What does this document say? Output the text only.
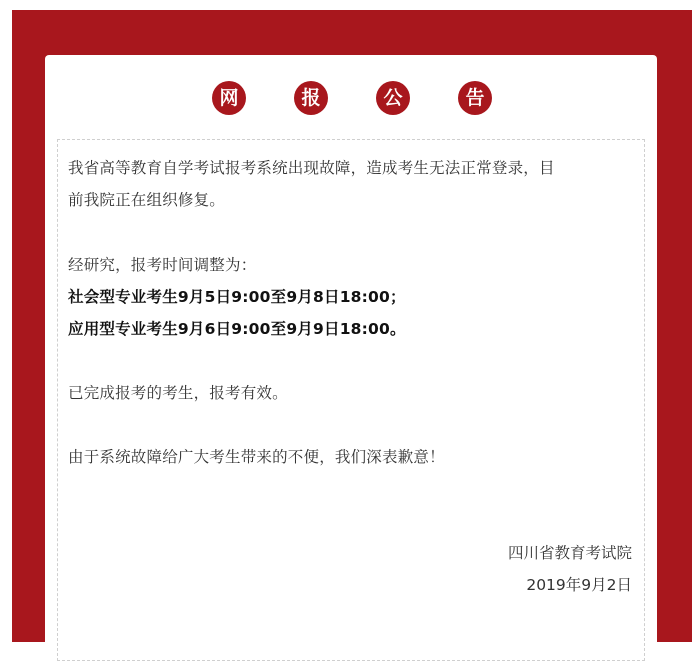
网	报	公	告
我省高等教育自学考试报考系统出现故障，造成考生无法正常登录，目
前我院正在组织修复。
经研究，报考时间调整为：
社会型专业考生9月5日9:00至9月8日18:00；
应用型专业考生9月6日9:00至9月9日18:00。
已完成报考的考生，报考有效。
由于系统故障给广大考生带来的不便，我们深表歉意！
四川省教育考试院
2019年9月2日
